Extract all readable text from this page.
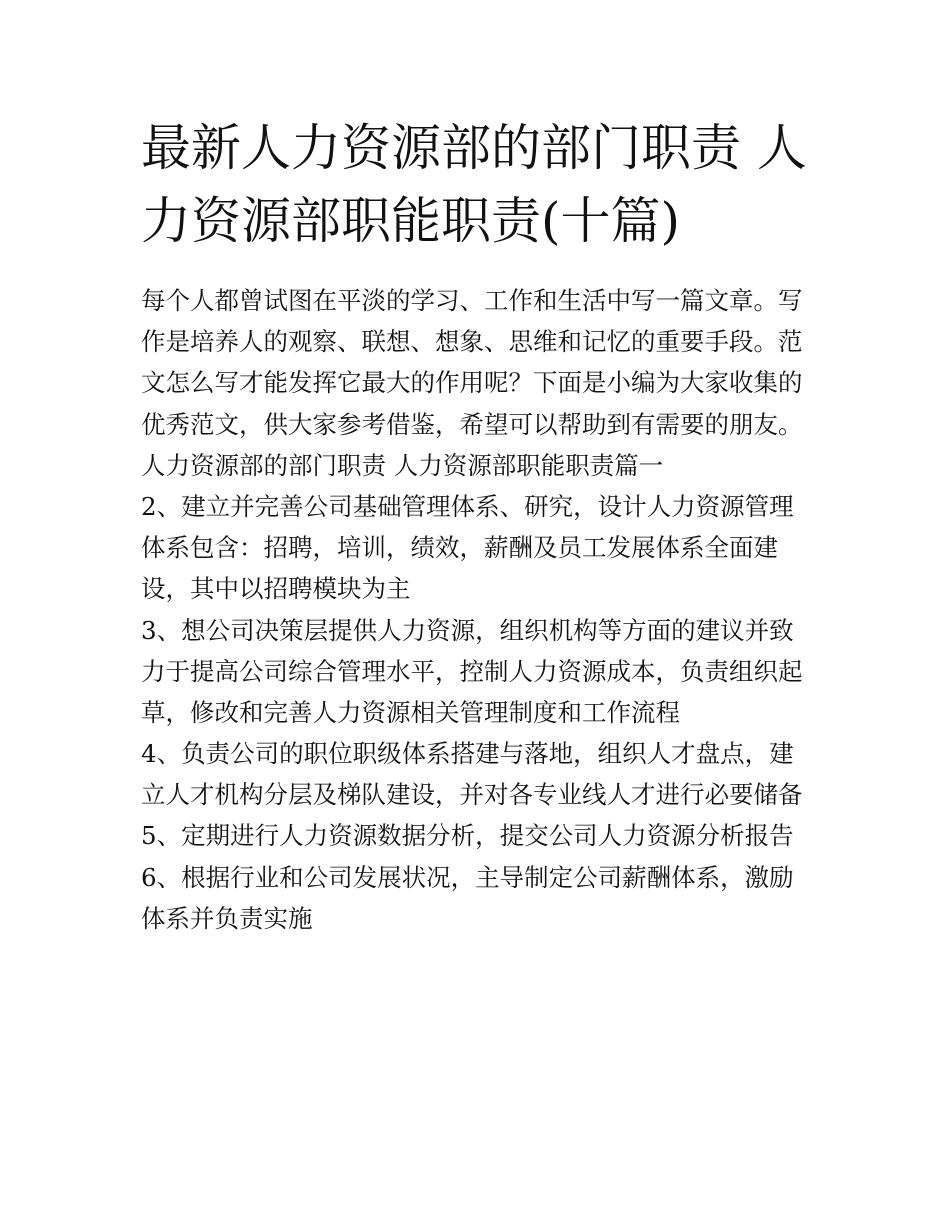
最新人力资源部的部门职责 人
力资源部职能职责(十篇)
每个人都曾试图在平淡的学习、工作和生活中写一篇文章。写
作是培养人的观察、联想、想象、思维和记忆的重要手段。范
文怎么写才能发挥它最大的作用呢？下面是小编为大家收集的
优秀范文，供大家参考借鉴，希望可以帮助到有需要的朋友。
人力资源部的部门职责 人力资源部职能职责篇一
2、建立并完善公司基础管理体系、研究，设计人力资源管理
体系包含：招聘，培训，绩效，薪酬及员工发展体系全面建
设，其中以招聘模块为主
3、想公司决策层提供人力资源，组织机构等方面的建议并致
力于提高公司综合管理水平，控制人力资源成本，负责组织起
草，修改和完善人力资源相关管理制度和工作流程
4、负责公司的职位职级体系搭建与落地，组织人才盘点，建
立人才机构分层及梯队建设，并对各专业线人才进行必要储备
5、定期进行人力资源数据分析，提交公司人力资源分析报告
6、根据行业和公司发展状况，主导制定公司薪酬体系，激励
体系并负责实施
